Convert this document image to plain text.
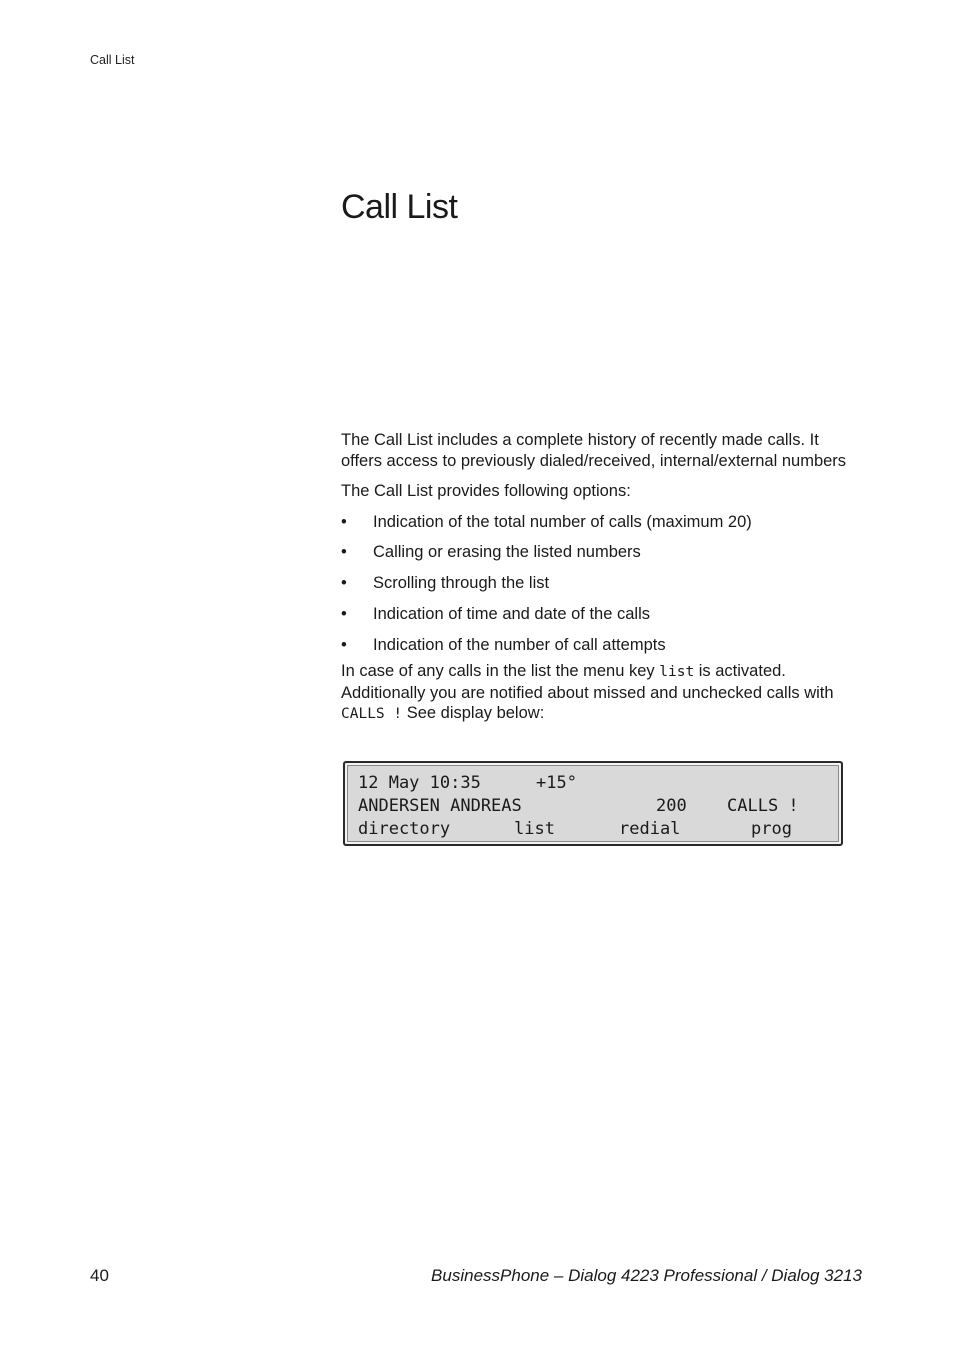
Call List
Call List

The Call List includes a complete history of recently made calls. It offers access to previously dialed/received, internal/external numbers

The Call List provides following options:

• Indication of the total number of calls (maximum 20)
• Calling or erasing the listed numbers
• Scrolling through the list
• Indication of time and date of the calls
• Indication of the number of call attempts

In case of any calls in the list the menu key list is activated. Additionally you are notified about missed and unchecked calls with CALLS ! See display below:

12 May 10:35

	+15°

ANDERSEN ANDREAS

	200

CALLS !

directory

	list

	redial

	prog

40	BusinessPhone – Dialog 4223 Professional / Dialog 3213
